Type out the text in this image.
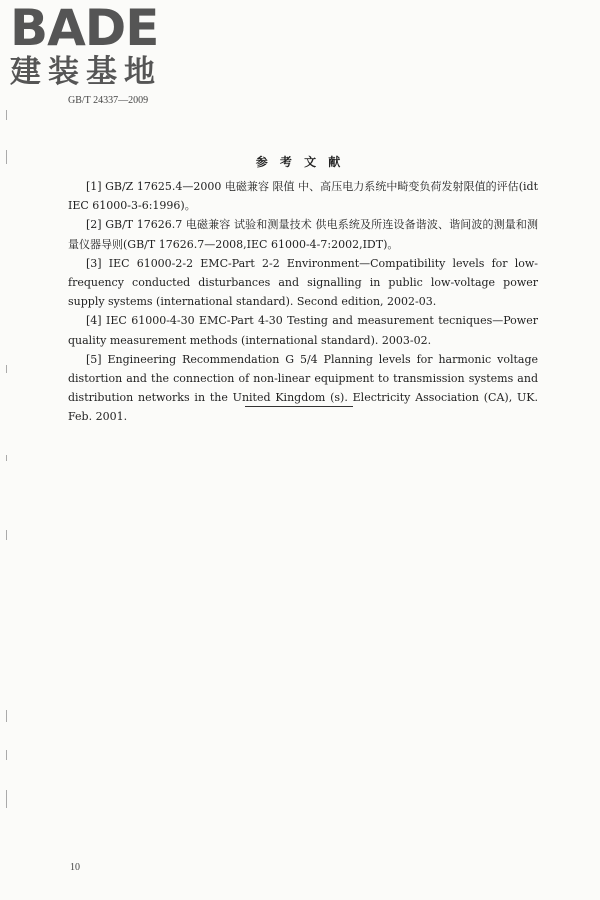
BADE
建装基地
GB/T 24337—2009
参 考 文 献

[1] GB/Z 17625.4—2000 电磁兼容 限值 中、高压电力系统中畸变负荷发射限值的评估(idt IEC 61000-3-6:1996)。

[2] GB/T 17626.7 电磁兼容 试验和测量技术 供电系统及所连设备谐波、谐间波的测量和测量仪器导则(GB/T 17626.7—2008,IEC 61000-4-7:2002,IDT)。

[3] IEC 61000-2-2 EMC-Part 2-2 Environment—Compatibility levels for low-frequency conducted disturbances and signalling in public low-voltage power supply systems (international standard). Second edition, 2002-03.

[4] IEC 61000-4-30 EMC-Part 4-30 Testing and measurement tecniques—Power quality measurement methods (international standard). 2003-02.

[5] Engineering Recommendation G 5/4 Planning levels for harmonic voltage distortion and the connection of non-linear equipment to transmission systems and distribution networks in the United Kingdom (s). Electricity Association (CA), UK. Feb. 2001.

10
